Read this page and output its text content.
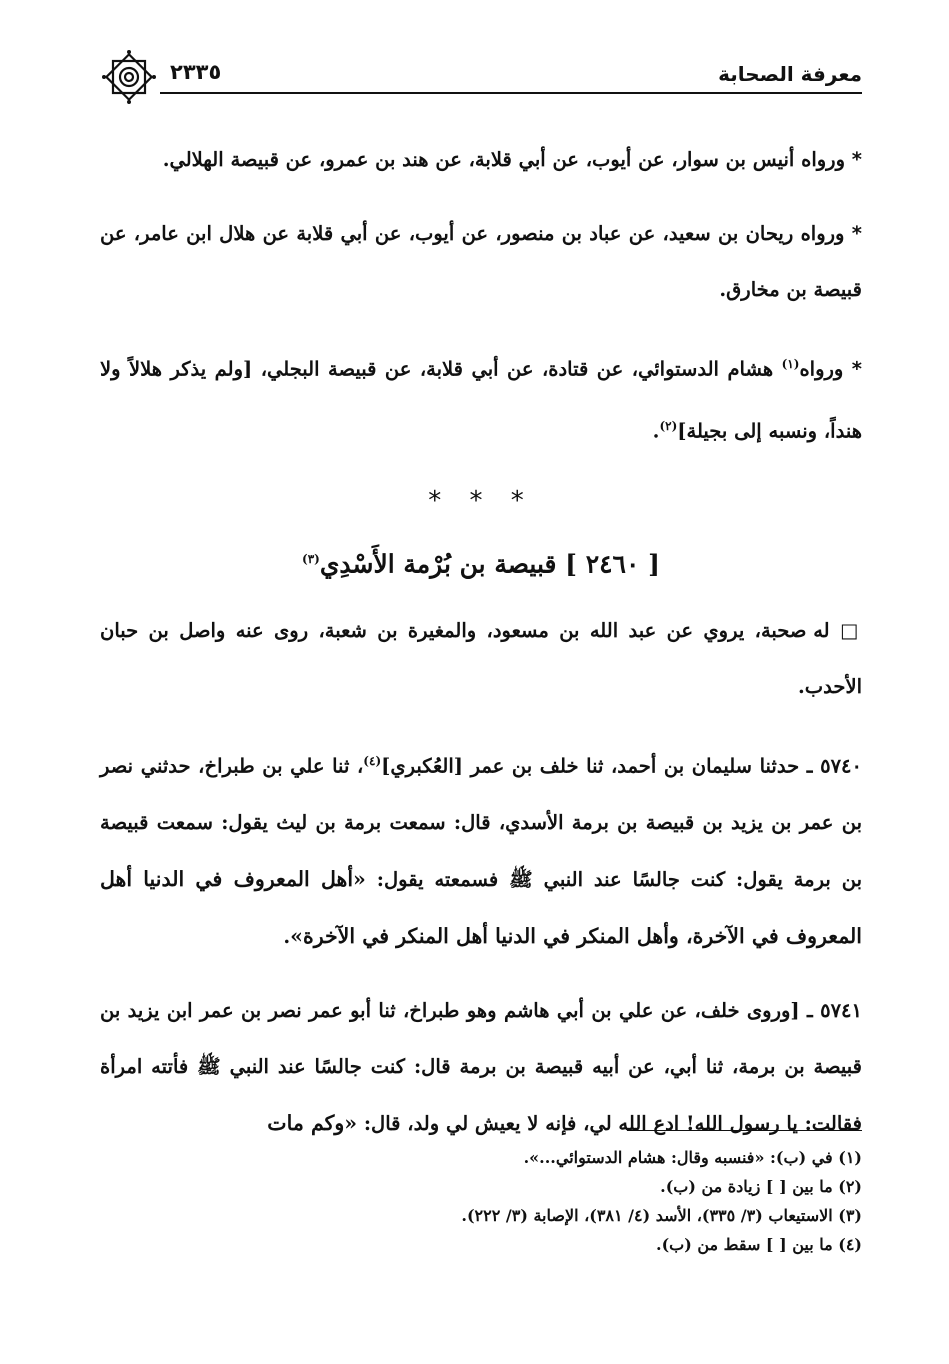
٢٣٣٥	معرفة الصحابة

* ورواه أنيس بن سوار، عن أيوب، عن أبي قلابة، عن هند بن عمرو، عن قبيصة الهلالي.

* ورواه ريحان بن سعيد، عن عباد بن منصور، عن أيوب، عن أبي قلابة عن هلال ابن عامر، عن قبيصة بن مخارق.

* ورواه$^{(١)}$ هشام الدستوائي، عن قتادة، عن أبي قلابة، عن قبيصة البجلي، [ولم يذكر هلالاً ولا هنداً، ونسبه إلى بجيلة]$^{(٢)}$.

* * *
[ ٢٤٦٠ ] قبيصة بن بُرْمة الأَسْدِي$^{(٣)}$

□ له صحبة، يروي عن عبد الله بن مسعود، والمغيرة بن شعبة، روى عنه واصل بن حبان الأحدب.

٥٧٤٠ ـ حدثنا سليمان بن أحمد، ثنا خلف بن عمر [العُكبري]$^{(٤)}$، ثنا علي بن طبراخ، حدثني نصر بن عمر بن يزيد بن قبيصة بن برمة الأسدي، قال: سمعت برمة بن ليث يقول: سمعت قبيصة بن برمة يقول: كنت جالسًا عند النبي ﷺ فسمعته يقول: «أهل المعروف في الدنيا أهل المعروف في الآخرة، وأهل المنكر في الدنيا أهل المنكر في الآخرة».

٥٧٤١ ـ [وروى خلف، عن علي بن أبي هاشم وهو طبراخ، ثنا أبو عمر نصر بن عمر ابن يزيد بن قبيصة بن برمة، ثنا أبي، عن أبيه قبيصة بن برمة قال: كنت جالسًا عند النبي ﷺ فأتته امرأة فقالت: يا رسول الله! ادع الله لي، فإنه لا يعيش لي ولد، قال: «وكم مات

(١) في (ب): «فنسبه وقال: هشام الدستوائي...».

(٢) ما بين [ ] زيادة من (ب).

(٣) الاستيعاب (٣/ ٣٣٥)، الأسد (٤/ ٣٨١)، الإصابة (٣/ ٢٢٢).

(٤) ما بين [ ] سقط من (ب).
